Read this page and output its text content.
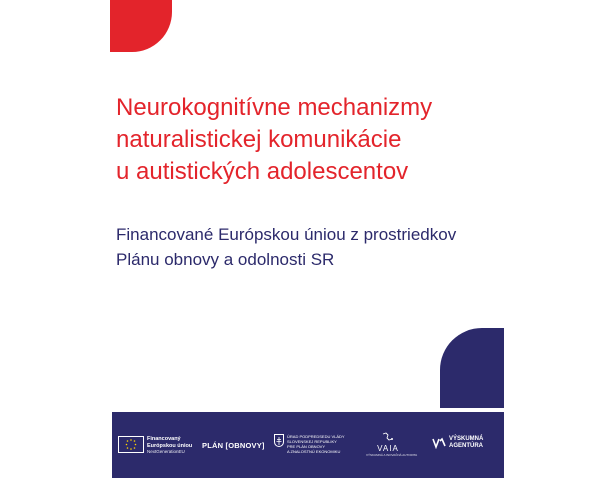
Neurokognitívne mechanizmy
naturalistickej komunikácie
u autistických adolescentov
Financované Európskou úniou z prostriedkov
Plánu obnovy a odolnosti SR
Financovaný
Európskou úniou
NextGenerationEU
PLÁN [OBNOVY]
ÚRAD PODPREDSEDU VLÁDY
SLOVENSKEJ REPUBLIKY
PRE PLÁN OBNOVY
A ZNALOSTNÚ EKONOMIKU	VAIA
VÝSKUMNÁ A INOVAČNÁ AUTORITA
VÝSKUMNÁ
AGENTÚRA
